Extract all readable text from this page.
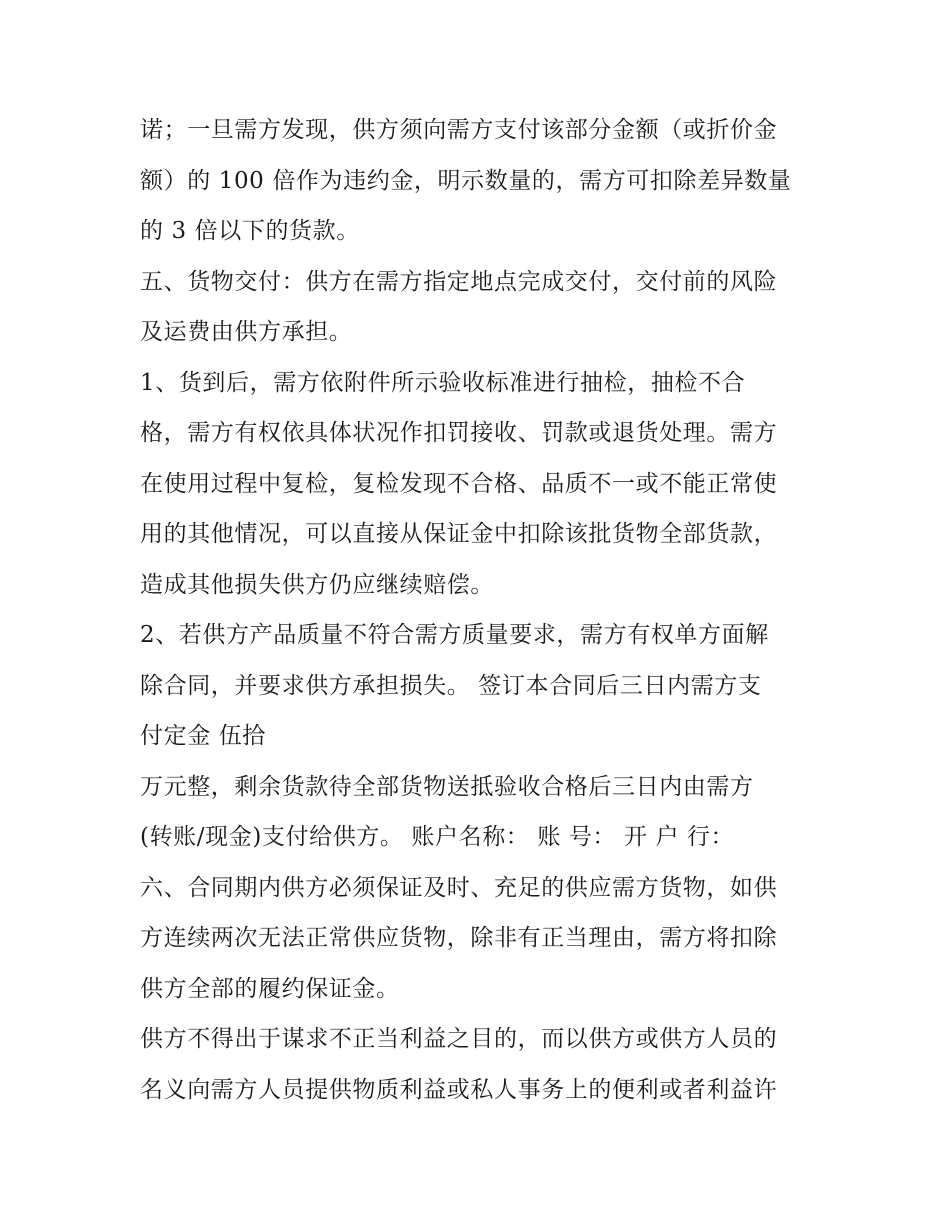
诺；一旦需方发现，供方须向需方支付该部分金额（或折价金
额）的 100 倍作为违约金，明示数量的，需方可扣除差异数量
的 3 倍以下的货款。
五、货物交付：供方在需方指定地点完成交付，交付前的风险
及运费由供方承担。
1、货到后，需方依附件所示验收标准进行抽检，抽检不合
格，需方有权依具体状况作扣罚接收、罚款或退货处理。需方
在使用过程中复检，复检发现不合格、品质不一或不能正常使
用的其他情况，可以直接从保证金中扣除该批货物全部货款，
造成其他损失供方仍应继续赔偿。
2、若供方产品质量不符合需方质量要求，需方有权单方面解
除合同，并要求供方承担损失。 签订本合同后三日内需方支
付定金 伍拾
万元整，剩余货款待全部货物送抵验收合格后三日内由需方
(转账/现金)支付给供方。 账户名称： 账 号： 开 户 行：
六、合同期内供方必须保证及时、充足的供应需方货物，如供
方连续两次无法正常供应货物，除非有正当理由，需方将扣除
供方全部的履约保证金。
供方不得出于谋求不正当利益之目的，而以供方或供方人员的
名义向需方人员提供物质利益或私人事务上的便利或者利益许
